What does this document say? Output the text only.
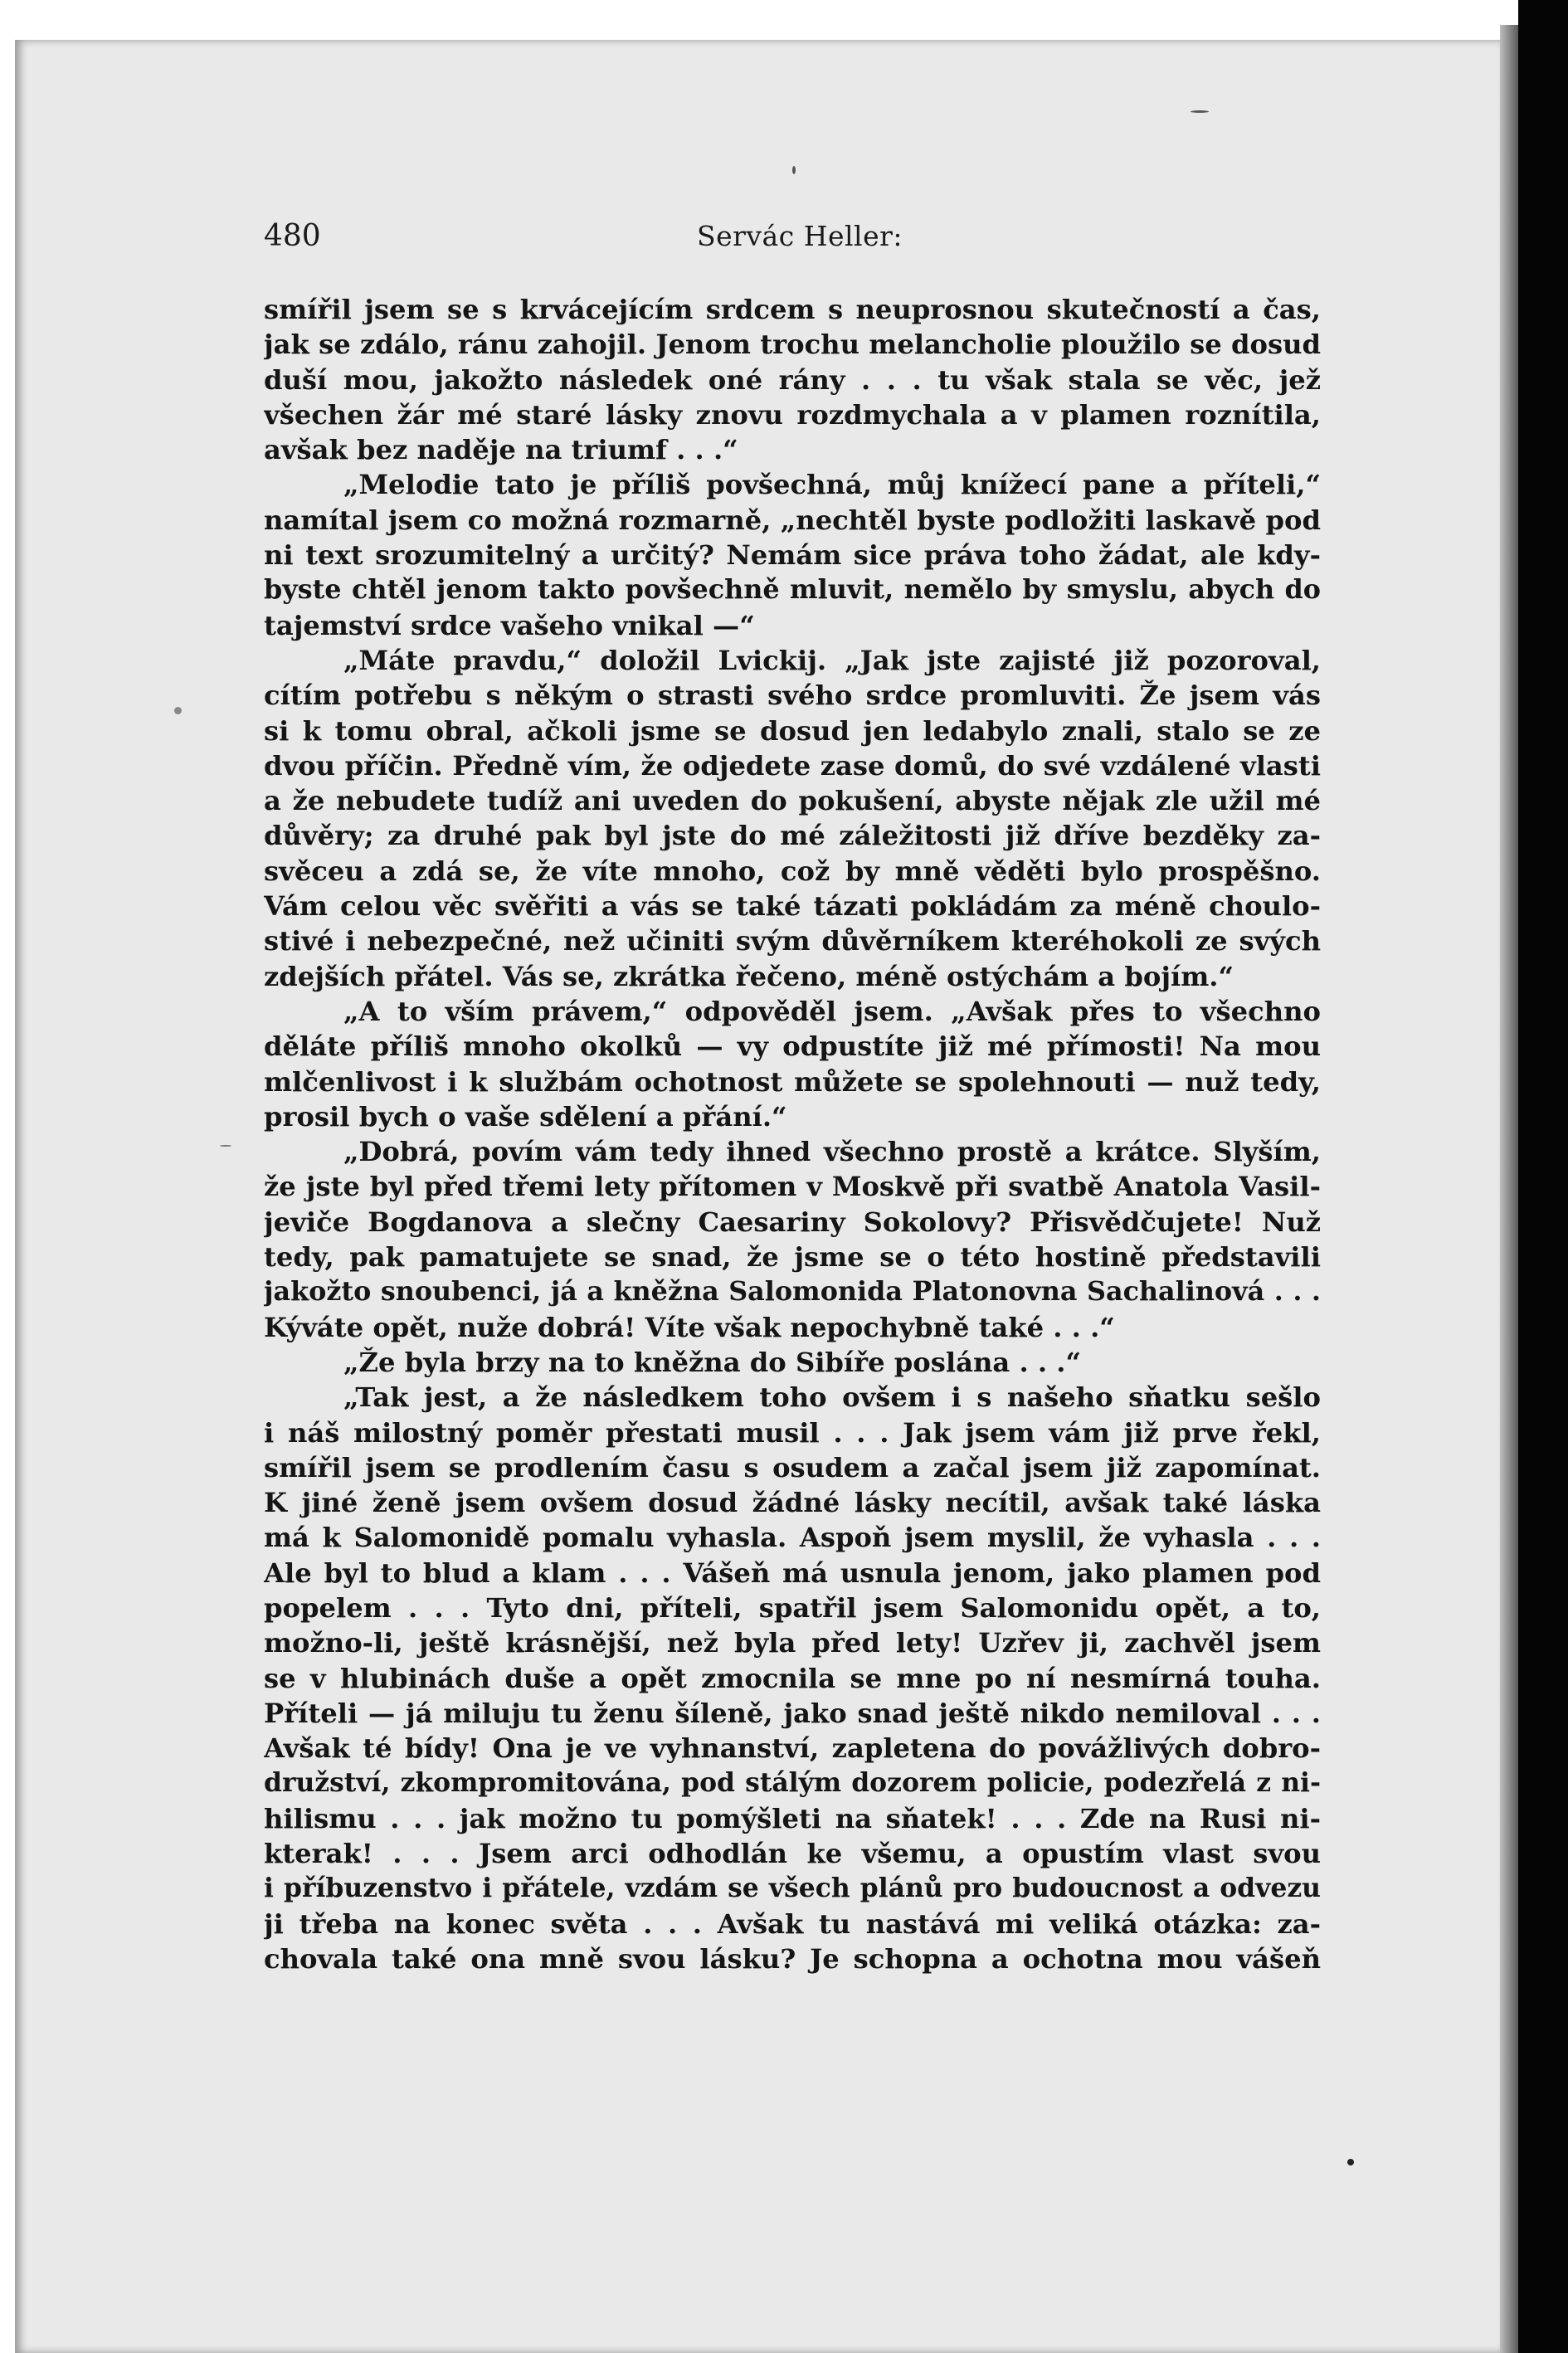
480	Servác Heller:
smířil jsem se s krvácejícím srdcem s neuprosnou skutečností a čas,
jak se zdálo, ránu zahojil. Jenom trochu melancholie ploužilo se dosud
duší mou, jakožto následek oné rány . . . tu však stala se věc, jež
všechen žár mé staré lásky znovu rozdmychala a v plamen roznítila,
avšak bez naděje na triumf . . .“
„Melodie tato je příliš povšechná, můj knížecí pane a příteli,“
namítal jsem co možná rozmarně, „nechtěl byste podložiti laskavě pod
ni text srozumitelný a určitý? Nemám sice práva toho žádat, ale kdy-
byste chtěl jenom takto povšechně mluvit, nemělo by smyslu, abych do
tajemství srdce vašeho vnikal —“
„Máte pravdu,“ doložil Lvickij. „Jak jste zajisté již pozoroval,
cítím potřebu s někým o strasti svého srdce promluviti. Že jsem vás
si k tomu obral, ačkoli jsme se dosud jen ledabylo znali, stalo se ze
dvou příčin. Předně vím, že odjedete zase domů, do své vzdálené vlasti
a že nebudete tudíž ani uveden do pokušení, abyste nějak zle užil mé
důvěry; za druhé pak byl jste do mé záležitosti již dříve bezděky za-
svěceu a zdá se, že víte mnoho, což by mně věděti bylo prospěšno.
Vám celou věc svěřiti a vás se také tázati pokládám za méně choulo-
stivé i nebezpečné, než učiniti svým důvěrníkem kteréhokoli ze svých
zdejších přátel. Vás se, zkrátka řečeno, méně ostýchám a bojím.“
„A to vším právem,“ odpověděl jsem. „Avšak přes to všechno
děláte příliš mnoho okolků — vy odpustíte již mé přímosti! Na mou
mlčenlivost i k službám ochotnost můžete se spolehnouti — nuž tedy,
prosil bych o vaše sdělení a přání.“
„Dobrá, povím vám tedy ihned všechno prostě a krátce. Slyším,
že jste byl před třemi lety přítomen v Moskvě při svatbě Anatola Vasil-
jeviče Bogdanova a slečny Caesariny Sokolovy? Přisvědčujete! Nuž
tedy, pak pamatujete se snad, že jsme se o této hostině představili
jakožto snoubenci, já a kněžna Salomonida Platonovna Sachalinová . . .
Kýváte opět, nuže dobrá! Víte však nepochybně také . . .“
„Že byla brzy na to kněžna do Sibíře poslána . . .“
„Tak jest, a že následkem toho ovšem i s našeho sňatku sešlo
i náš milostný poměr přestati musil . . . Jak jsem vám již prve řekl,
smířil jsem se prodlením času s osudem a začal jsem již zapomínat.
K jiné ženě jsem ovšem dosud žádné lásky necítil, avšak také láska
má k Salomonidě pomalu vyhasla. Aspoň jsem myslil, že vyhasla . . .
Ale byl to blud a klam . . . Vášeň má usnula jenom, jako plamen pod
popelem . . . Tyto dni, příteli, spatřil jsem Salomonidu opět, a to,
možno-li, ještě krásnější, než byla před lety! Uzřev ji, zachvěl jsem
se v hlubinách duše a opět zmocnila se mne po ní nesmírná touha.
Příteli — já miluju tu ženu šíleně, jako snad ještě nikdo nemiloval . . .
Avšak té bídy! Ona je ve vyhnanství, zapletena do povážlivých dobro-
družství, zkompromitována, pod stálým dozorem policie, podezřelá z ni-
hilismu . . . jak možno tu pomýšleti na sňatek! . . . Zde na Rusi ni-
kterak! . . . Jsem arci odhodlán ke všemu, a opustím vlast svou
i příbuzenstvo i přátele, vzdám se všech plánů pro budoucnost a odvezu
ji třeba na konec světa . . . Avšak tu nastává mi veliká otázka: za-
chovala také ona mně svou lásku? Je schopna a ochotna mou vášeň
